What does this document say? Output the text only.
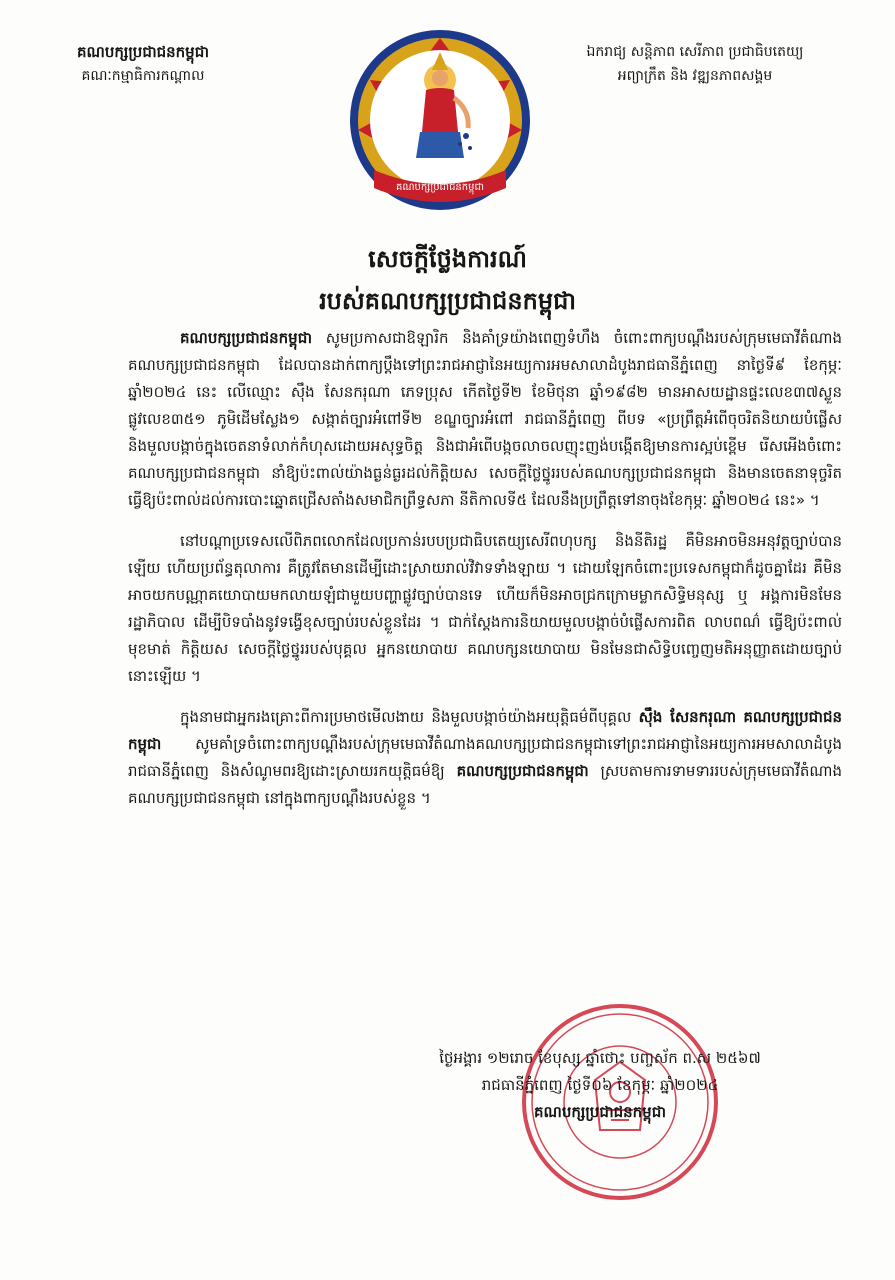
គណបក្សប្រជាជនកម្ពុជា
គណៈកម្មាធិការកណ្ដាល
គណបក្សប្រជាជនកម្ពុជា
ឯករាជ្យ សន្តិភាព សេរីភាព ប្រជាធិបតេយ្យ
អព្យាក្រឹត និង វឌ្ឍនភាពសង្គម
សេចក្តីថ្លែងការណ៍
របស់គណបក្សប្រជាជនកម្ពុជា

គណបក្សប្រជាជនកម្ពុជា សូមប្រកាសជាឱឡារិក និងគាំទ្រយ៉ាងពេញទំហឹង ចំពោះពាក្យបណ្ដឹងរបស់ក្រុមមេធាវីតំណាងគណបក្សប្រជាជនកម្ពុជា ដែលបានដាក់ពាក្យប្ដឹងទៅព្រះរាជអាជ្ញានៃអយ្យការអមសាលាដំបូងរាជធានីភ្នំពេញ នាថ្ងៃទី៩ ខែកុម្ភៈ ឆ្នាំ២០២៤ នេះ លើឈ្មោះ ស៊ឹង សែនករុណា ភេទប្រុស កើតថ្ងៃទី២ ខែមិថុនា ឆ្នាំ១៩៨២ មានអាសយដ្ឋានផ្ទះលេខ៣៧ស្លួន ផ្លូវលេខ៣៥១ ភូមិដើមស្លែង១ សង្កាត់ច្បារអំពៅទី២ ខណ្ឌច្បារអំពៅ រាជធានីភ្នំពេញ ពីបទ «ប្រព្រឹត្តអំពើចុចរិតនិយាយបំផ្លើស និងមួលបង្កាច់ក្នុងចេតនាទំលាក់កំហុសដោយអសុទ្ធចិត្ត និងជាអំពើបង្កចលាចលញុះញង់បង្កើតឱ្យមានការស្អប់ខ្ពើម រើសអើងចំពោះគណបក្សប្រជាជនកម្ពុជា នាំឱ្យប៉ះពាល់យ៉ាងធ្ងន់ធ្ងរដល់កិត្តិយស សេចក្ដីថ្លៃថ្នូររបស់គណបក្សប្រជាជនកម្ពុជា និងមានចេតនាទុច្ចរិតធ្វើឱ្យប៉ះពាល់ដល់ការបោះឆ្នោតជ្រើសតាំងសមាជិកព្រឹទ្ធសភា នីតិកាលទី៥ ដែលនឹងប្រព្រឹត្តទៅនាចុងខែកុម្ភៈ ឆ្នាំ២០២៤ នេះ» ។

នៅបណ្ដាប្រទេសលើពិភពលោកដែលប្រកាន់របបប្រជាធិបតេយ្យសេរីពហុបក្ស និងនីតិរដ្ឋ គឺមិនអាចមិនអនុវត្តច្បាប់បានឡើយ ហើយប្រព័ន្ធតុលាការ គឺត្រូវតែមានដើម្បីដោះស្រាយរាល់វិវាទទាំងឡាយ ។ ដោយឡែកចំពោះប្រទេសកម្ពុជាក៏ដូចគ្នាដែរ គឺមិនអាចយកបណ្ណាគយោបាយមកលាយឡំជាមួយបញ្ហាផ្លូវច្បាប់បានទេ ហើយក៏មិនអាចជ្រកក្រោមម្លាកសិទ្ធិមនុស្ស ឬ អង្គការមិនមែនរដ្ឋាភិបាល ដើម្បីបិទបាំងនូវទង្វើខុសច្បាប់របស់ខ្លួនដែរ ។ ជាក់ស្ដែងការនិយាយមួលបង្កាច់បំផ្លើសការពិត លាបពណ៌ ធ្វើឱ្យប៉ះពាល់មុខមាត់ កិត្តិយស សេចក្ដីថ្លៃថ្នូររបស់បុគ្គល អ្នកនយោបាយ គណបក្សនយោបាយ មិនមែនជាសិទ្ធិបញ្ចេញមតិអនុញ្ញាតដោយច្បាប់នោះឡើយ ។

ក្នុងនាមជាអ្នករងគ្រោះពីការប្រមាថមើលងាយ និងមួលបង្កាច់យ៉ាងអយុត្តិធម៌ពីបុគ្គល ស៊ឹង សែនករុណា គណបក្សប្រជាជនកម្ពុជា សូមគាំទ្រចំពោះពាក្យបណ្ដឹងរបស់ក្រុមមេធាវីតំណាងគណបក្សប្រជាជនកម្ពុជាទៅព្រះរាជអាជ្ញានៃអយ្យការអមសាលាដំបូងរាជធានីភ្នំពេញ និងសំណូមពរឱ្យដោះស្រាយរកយុត្តិធម៌ឱ្យ គណបក្សប្រជាជនកម្ពុជា ស្របតាមការទាមទាររបស់ក្រុមមេធាវីតំណាងគណបក្សប្រជាជនកម្ពុជា នៅក្នុងពាក្យបណ្ដឹងរបស់ខ្លួន ។

ថ្ងៃអង្គារ ១២រោច ខែបុស្ស ឆ្នាំថោះ បញ្ចស័ក ព.ស ២៥៦៧
រាជធានីភ្នំពេញ ថ្ងៃទី០៦ ខែកុម្ភៈ ឆ្នាំ២០២៤
គណបក្សប្រជាជនកម្ពុជា
